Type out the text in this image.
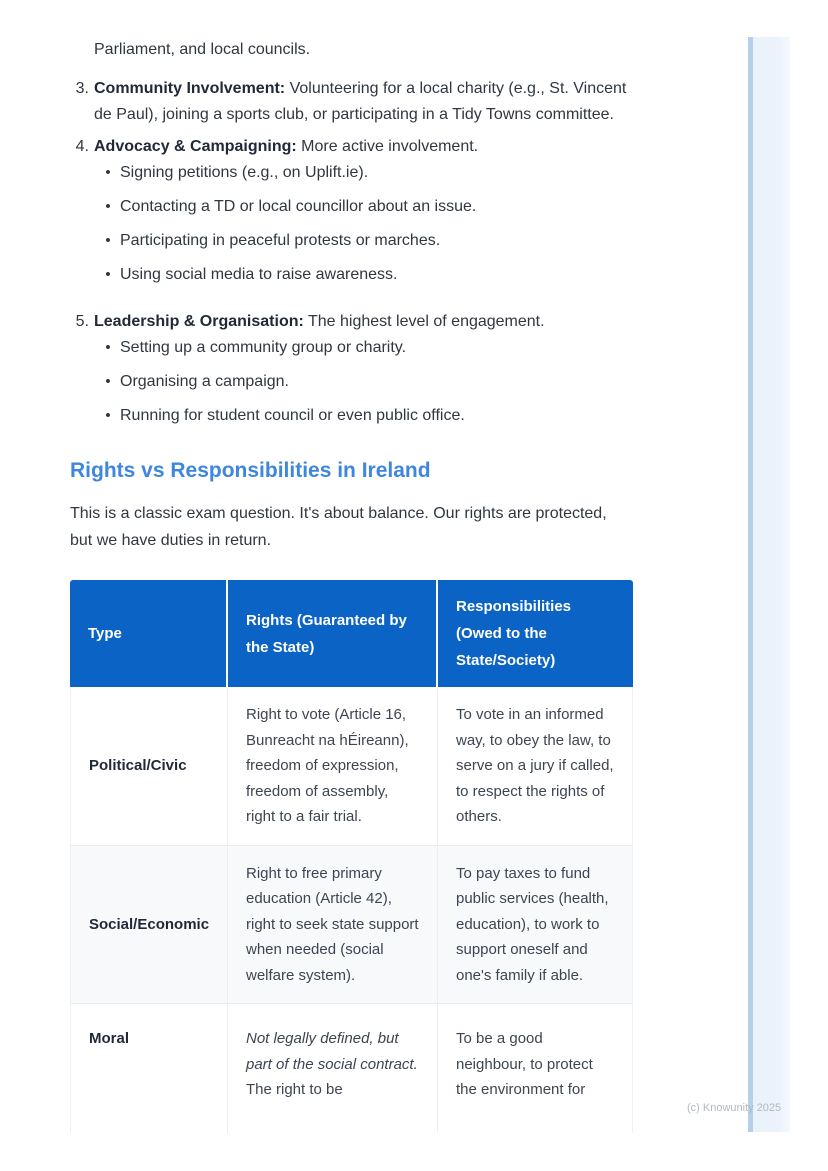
(c) Knowunity 2025
Parliament, and local councils.
3. Community Involvement: Volunteering for a local charity (e.g., St. Vincent de Paul), joining a sports club, or participating in a Tidy Towns committee.
4. Advocacy & Campaigning: More active involvement.
• Signing petitions (e.g., on Uplift.ie).
• Contacting a TD or local councillor about an issue.
• Participating in peaceful protests or marches.
• Using social media to raise awareness.
5. Leadership & Organisation: The highest level of engagement.
• Setting up a community group or charity.
• Organising a campaign.
• Running for student council or even public office.
Rights vs Responsibilities in Ireland

This is a classic exam question. It's about balance. Our rights are protected, but we have duties in return.

Type	Rights (Guaranteed by the State)	Responsibilities (Owed to the State/Society)
Political/Civic	Right to vote (Article 16, Bunreacht na hÉireann), freedom of expression, freedom of assembly, right to a fair trial.	To vote in an informed way, to obey the law, to serve on a jury if called, to respect the rights of others.
Social/Economic	Right to free primary education (Article 42), right to seek state support when needed (social welfare system).	To pay taxes to fund public services (health, education), to work to support oneself and one's family if able.
Moral	Not legally defined, but part of the social contract. The right to be	To be a good neighbour, to protect the environment for
